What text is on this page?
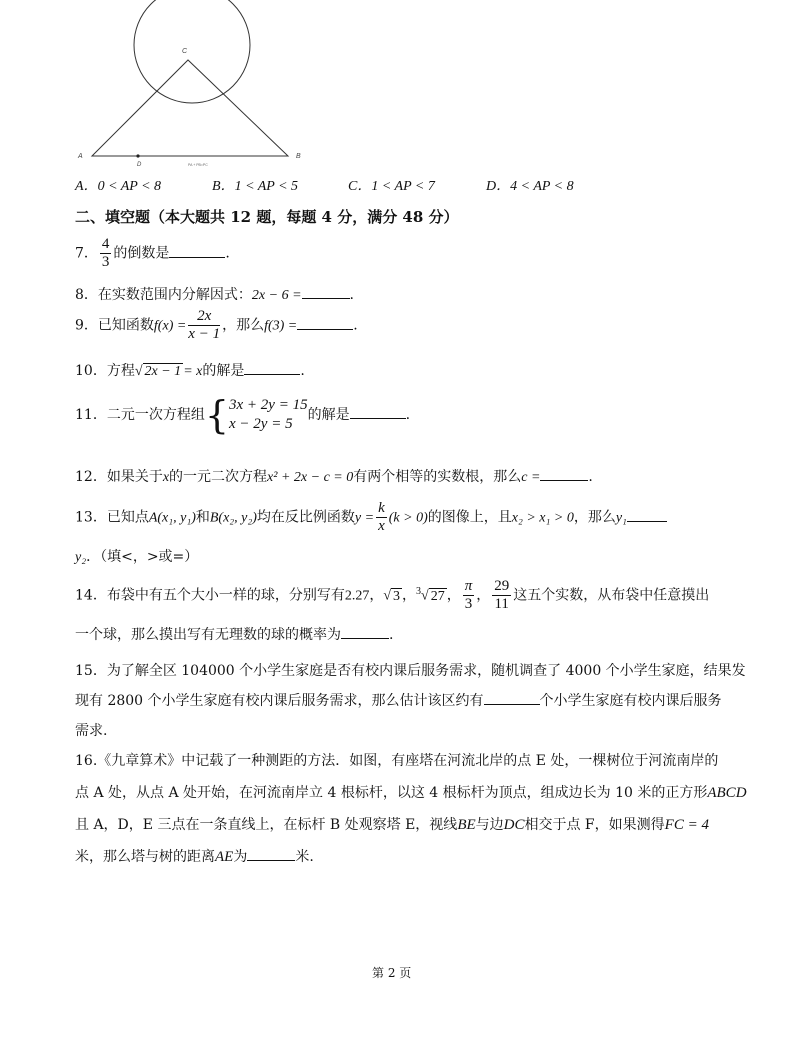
C
A	B
D	PA + PB=PC
A．0 < AP < 8	B．1 < AP < 5	C．1 < AP < 7	D．4 < AP < 8
二、填空题（本大题共 12 题，每题 4 分，满分 48 分）
7． $\frac{4}{3}$ 的倒数是	.
8．在实数范围内分解因式：2x − 6 =	.
9．已知函数$f(x) = \frac{2x}{x - 1}$ ，那么f(3) =	.
10．方程√ 2x − 1 = x的解是	.
11．二元一次方程组{ 3x + 2y = 15
x − 2y = 5
的解是	.
12．如果关于x的一元二次方程x² + 2x − c = 0有两个相等的实数根，那么c =	.
13．已知点A(x₁, y₁)和B(x₂, y₂)均在反比例函数$y = \frac{k}{x} (k > 0)$的图像上，且x₂ > x₁ > 0，那么y₁
y₂．（填<，>或=）
14．布袋中有五个大小一样的球，分别写有2.27，√ 3 ，$^3$√ 27 ， $\frac{\pi}{3}$ ， $\frac{29}{11}$ 这五个实数，从布袋中任意摸出
一个球，那么摸出写有无理数的球的概率为	.
15．为了解全区 104000 个小学生家庭是否有校内课后服务需求，随机调查了 4000 个小学生家庭，结果发
现有 2800 个小学生家庭有校内课后服务需求，那么估计该区约有	个小学生家庭有校内课后服务
需求.
16.《九章算术》中记载了一种测距的方法．如图，有座塔在河流北岸的点 E 处，一棵树位于河流南岸的
点 A 处，从点 A 处开始，在河流南岸立 4 根标杆，以这 4 根标杆为顶点，组成边长为 10 米的正方形ABCD
且 A，D，E 三点在一条直线上，在标杆 B 处观察塔 E，视线BE与边DC相交于点 F，如果测得FC = 4
米，那么塔与树的距离AE为	米.
第 2 页
